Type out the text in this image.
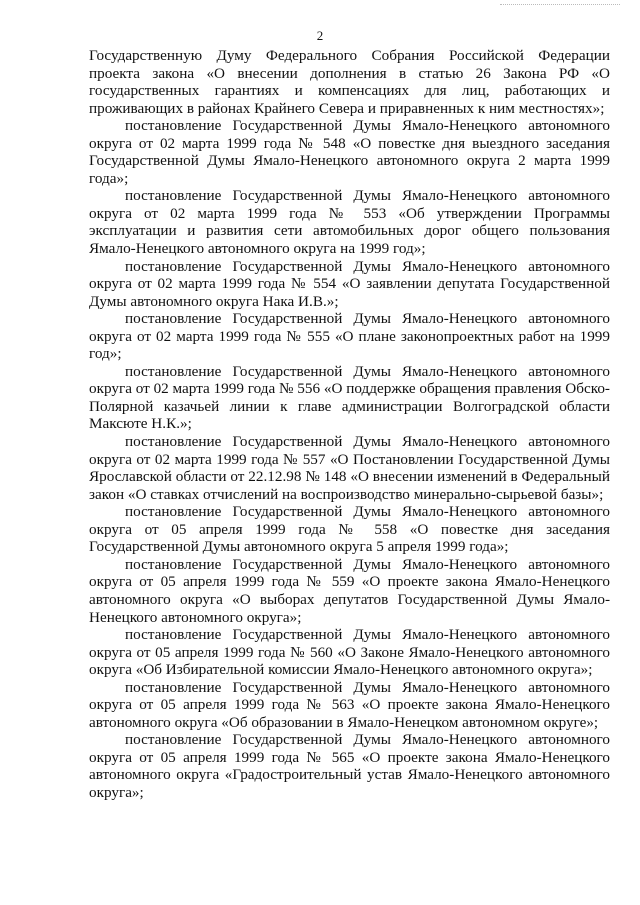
2

Государственную Думу Федерального Собрания Российской Федерации проекта закона «О внесении дополнения в статью 26 Закона РФ «О государственных гарантиях и компенсациях для лиц, работающих и проживающих в районах Крайнего Севера и приравненных к ним местностях»;

постановление Государственной Думы Ямало-Ненецкого автономного округа от 02 марта 1999 года № 548 «О повестке дня выездного заседания Государственной Думы Ямало-Ненецкого автономного округа 2 марта 1999 года»;

постановление Государственной Думы Ямало-Ненецкого автономного округа от 02 марта 1999 года № 553 «Об утверждении Программы эксплуатации и развития сети автомобильных дорог общего пользования Ямало-Ненецкого автономного округа на 1999 год»;

постановление Государственной Думы Ямало-Ненецкого автономного округа от 02 марта 1999 года № 554 «О заявлении депутата Государственной Думы автономного округа Нака И.В.»;

постановление Государственной Думы Ямало-Ненецкого автономного округа от 02 марта 1999 года № 555 «О плане законопроектных работ на 1999 год»;

постановление Государственной Думы Ямало-Ненецкого автономного округа от 02 марта 1999 года № 556 «О поддержке обращения правления Обско-Полярной казачьей линии к главе администрации Волгоградской области Максюте Н.К.»;

постановление Государственной Думы Ямало-Ненецкого автономного округа от 02 марта 1999 года № 557 «О Постановлении Государственной Думы Ярославской области от 22.12.98 № 148 «О внесении изменений в Федеральный закон «О ставках отчислений на воспроизводство минерально-сырьевой базы»;

постановление Государственной Думы Ямало-Ненецкого автономного округа от 05 апреля 1999 года № 558 «О повестке дня заседания Государственной Думы автономного округа 5 апреля 1999 года»;

постановление Государственной Думы Ямало-Ненецкого автономного округа от 05 апреля 1999 года № 559 «О проекте закона Ямало-Ненецкого автономного округа «О выборах депутатов Государственной Думы Ямало-Ненецкого автономного округа»;

постановление Государственной Думы Ямало-Ненецкого автономного округа от 05 апреля 1999 года № 560 «О Законе Ямало-Ненецкого автономного округа «Об Избирательной комиссии Ямало-Ненецкого автономного округа»;

постановление Государственной Думы Ямало-Ненецкого автономного округа от 05 апреля 1999 года № 563 «О проекте закона Ямало-Ненецкого автономного округа «Об образовании в Ямало-Ненецком автономном округе»;

постановление Государственной Думы Ямало-Ненецкого автономного округа от 05 апреля 1999 года № 565 «О проекте закона Ямало-Ненецкого автономного округа «Градостроительный устав Ямало-Ненецкого автономного округа»;
